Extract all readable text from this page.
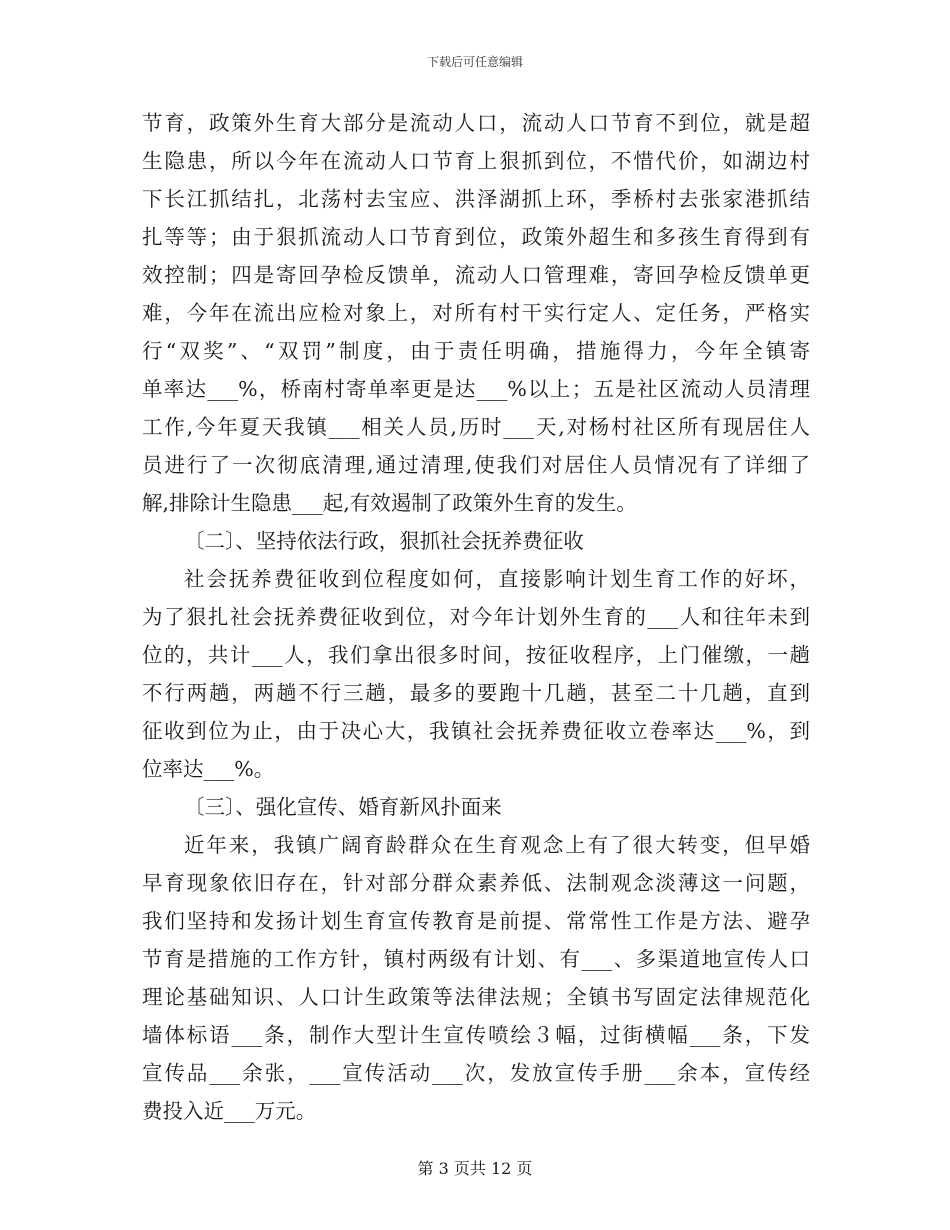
下载后可任意编辑
节育，政策外生育大部分是流动人口，流动人口节育不到位，就是超
生隐患，所以今年在流动人口节育上狠抓到位，不惜代价，如湖边村
下长江抓结扎，北荡村去宝应、洪泽湖抓上环，季桥村去张家港抓结
扎等等；由于狠抓流动人口节育到位，政策外超生和多孩生育得到有
效控制；四是寄回孕检反馈单，流动人口管理难，寄回孕检反馈单更
难，今年在流出应检对象上，对所有村干实行定人、定任务，严格实
行“双奖”、“双罚”制度，由于责任明确，措施得力，今年全镇寄
单率达___%，桥南村寄单率更是达___%以上；五是社区流动人员清理
工作,今年夏天我镇___相关人员,历时___天,对杨村社区所有现居住人
员进行了一次彻底清理,通过清理,使我们对居住人员情况有了详细了
解,排除计生隐患___起,有效遏制了政策外生育的发生。
〔二〕、坚持依法行政，狠抓社会抚养费征收
社会抚养费征收到位程度如何，直接影响计划生育工作的好坏，
为了狠扎社会抚养费征收到位，对今年计划外生育的___人和往年未到
位的，共计___人，我们拿出很多时间，按征收程序，上门催缴，一趟
不行两趟，两趟不行三趟，最多的要跑十几趟，甚至二十几趟，直到
征收到位为止，由于决心大，我镇社会抚养费征收立卷率达___%，到
位率达___%。
〔三〕、强化宣传、婚育新风扑面来
近年来，我镇广阔育龄群众在生育观念上有了很大转变，但早婚
早育现象依旧存在，针对部分群众素养低、法制观念淡薄这一问题，
我们坚持和发扬计划生育宣传教育是前提、常常性工作是方法、避孕
节育是措施的工作方针，镇村两级有计划、有___、多渠道地宣传人口
理论基础知识、人口计生政策等法律法规；全镇书写固定法律规范化
墙体标语___条，制作大型计生宣传喷绘３幅，过街横幅___条，下发
宣传品___余张，___宣传活动___次，发放宣传手册___余本，宣传经
费投入近___万元。
第 3 页共 12 页
